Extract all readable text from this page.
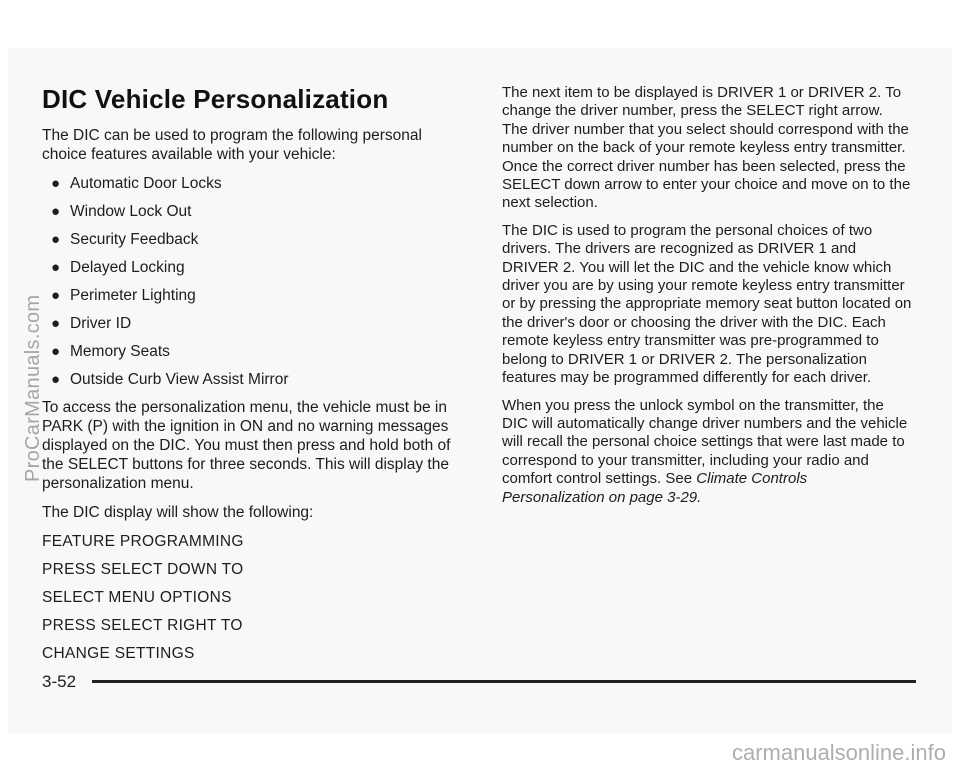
DIC Vehicle Personalization

The DIC can be used to program the following personal choice features available with your vehicle:

● Automatic Door Locks
● Window Lock Out
● Security Feedback
● Delayed Locking
● Perimeter Lighting
● Driver ID
● Memory Seats
● Outside Curb View Assist Mirror

To access the personalization menu, the vehicle must be in PARK (P) with the ignition in ON and no warning messages displayed on the DIC. You must then press and hold both of the SELECT buttons for three seconds. This will display the personalization menu.

The DIC display will show the following:

FEATURE PROGRAMMING
PRESS SELECT DOWN TO
SELECT MENU OPTIONS
PRESS SELECT RIGHT TO
CHANGE SETTINGS

The next item to be displayed is DRIVER 1 or DRIVER 2. To change the driver number, press the SELECT right arrow. The driver number that you select should correspond with the number on the back of your remote keyless entry transmitter. Once the correct driver number has been selected, press the SELECT down arrow to enter your choice and move on to the next selection.

The DIC is used to program the personal choices of two drivers. The drivers are recognized as DRIVER 1 and DRIVER 2. You will let the DIC and the vehicle know which driver you are by using your remote keyless entry transmitter or by pressing the appropriate memory seat button located on the driver's door or choosing the driver with the DIC. Each remote keyless entry transmitter was pre-programmed to belong to DRIVER 1 or DRIVER 2. The personalization features may be programmed differently for each driver.

When you press the unlock symbol on the transmitter, the DIC will automatically change driver numbers and the vehicle will recall the personal choice settings that were last made to correspond to your transmitter, including your radio and comfort control settings. See Climate Controls Personalization on page 3-29.

3-52
ProCarManuals.com
carmanualsonline.info
